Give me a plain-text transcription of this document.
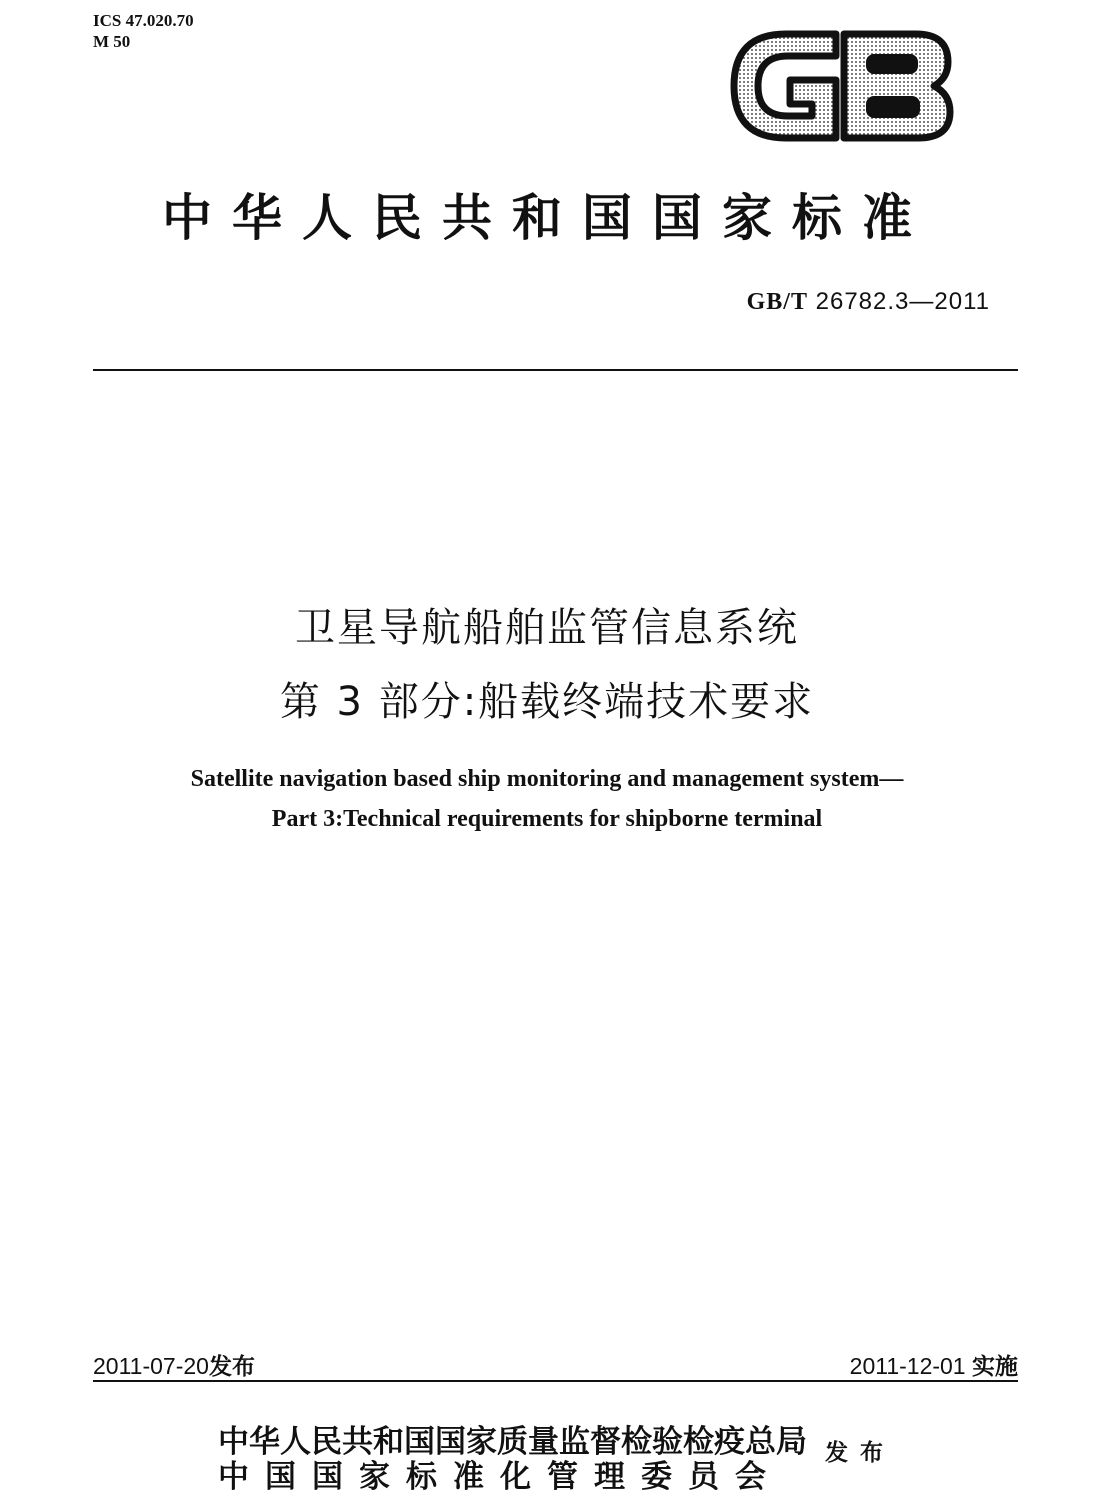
ICS 47.020.70
M 50
中华人民共和国国家标准
GB/T 26782.3—2011
卫星导航船舶监管信息系统
第 3 部分:船载终端技术要求
Satellite navigation based ship monitoring and management system—
Part 3:Technical requirements for shipborne terminal
2011-07-20发布	2011-12-01 实施
中华人民共和国国家质量监督检验检疫总局
中国国家标准化管理委员会
发布
